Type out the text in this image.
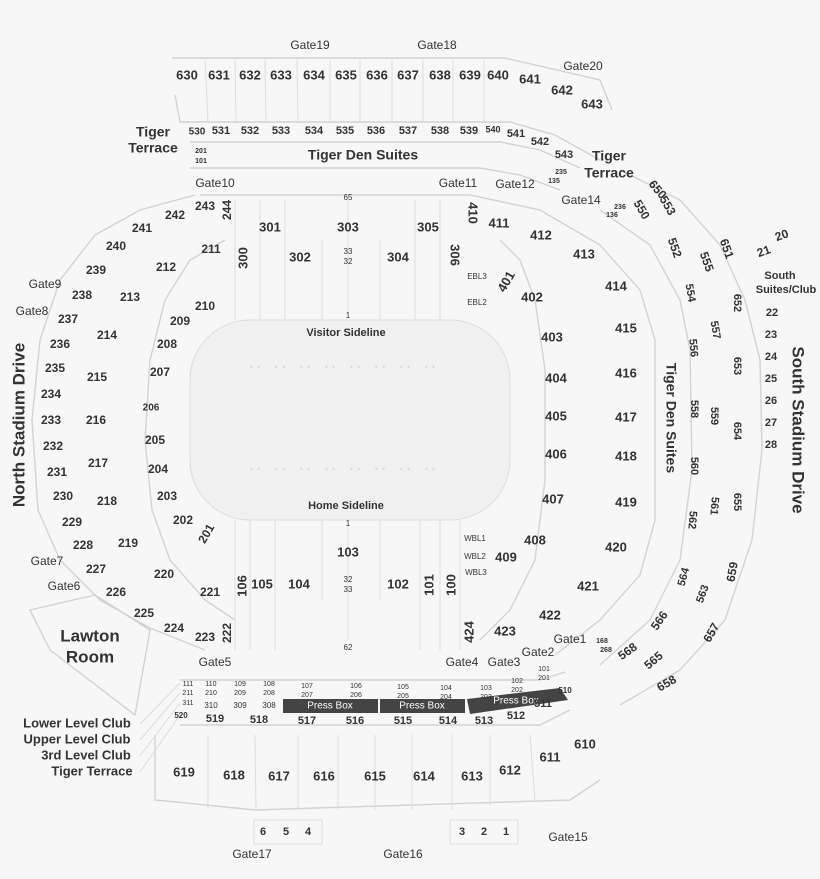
Press Box	Press Box	Press Box
• • • • • • • • • • • • • • • •
• • • • • • • • • • • • • • • •
630 631 632 633 634 635 636 637 638 639 640 641
642
643
530 531 532 533 534 535 536 537 538 539 540 541
542
543
201
101
235
135
236
136
241
242
243 244
240
239
238
237
236
235
234
233
232
231
230
229
228
227
226
225
224
223 222
211
212
213
214
215
216
217
218
219
220
221
210
209
208
207
206
205
204
203
202
201
300
301
302
303
304
305
306
410 411
412
413
414
65
33
32
1
EBL3
EBL2
401
402
106 105 104
103
102 101 100
424 423
422
421
420
419
418
417
416
415
403
404
405
406
407
408
409
WBL1
WBL2
WBL3
1
32
33
62
650
553
550
552
555
651 21
20
554
557
556
558 559
560
561
562
564
563
566
565
568
658
657
659
655
654
653
652
22
23
24
25
26
27
28
168
268
111 110	109 108	107	106	105	104	103
102
101
211 210 209 208	207	206	205	204	203
202
201
311 310 309 308
520 519 518	517	516	515 514 513 512
511
510
619 618 617 616 615 614 613 612
611
610
6 5 4	3 2 1
Gate19	Gate18
Gate20
Gate10	Gate11 Gate12
Gate14
Gate9
Gate8
Gate7
Gate6
Gate5	Gate4 Gate3
Gate2
Gate1
Gate17	Gate16
Gate15
Tiger
Terrace	Tiger
Terrace
Tiger Den Suites
Tiger Den Suites
Visitor Sideline
Home Sideline
North Stadium Drive	South Stadium Drive
South
Suites/Club
Lawton
Room
Lower Level Club
Upper Level Club
3rd Level Club
Tiger Terrace
